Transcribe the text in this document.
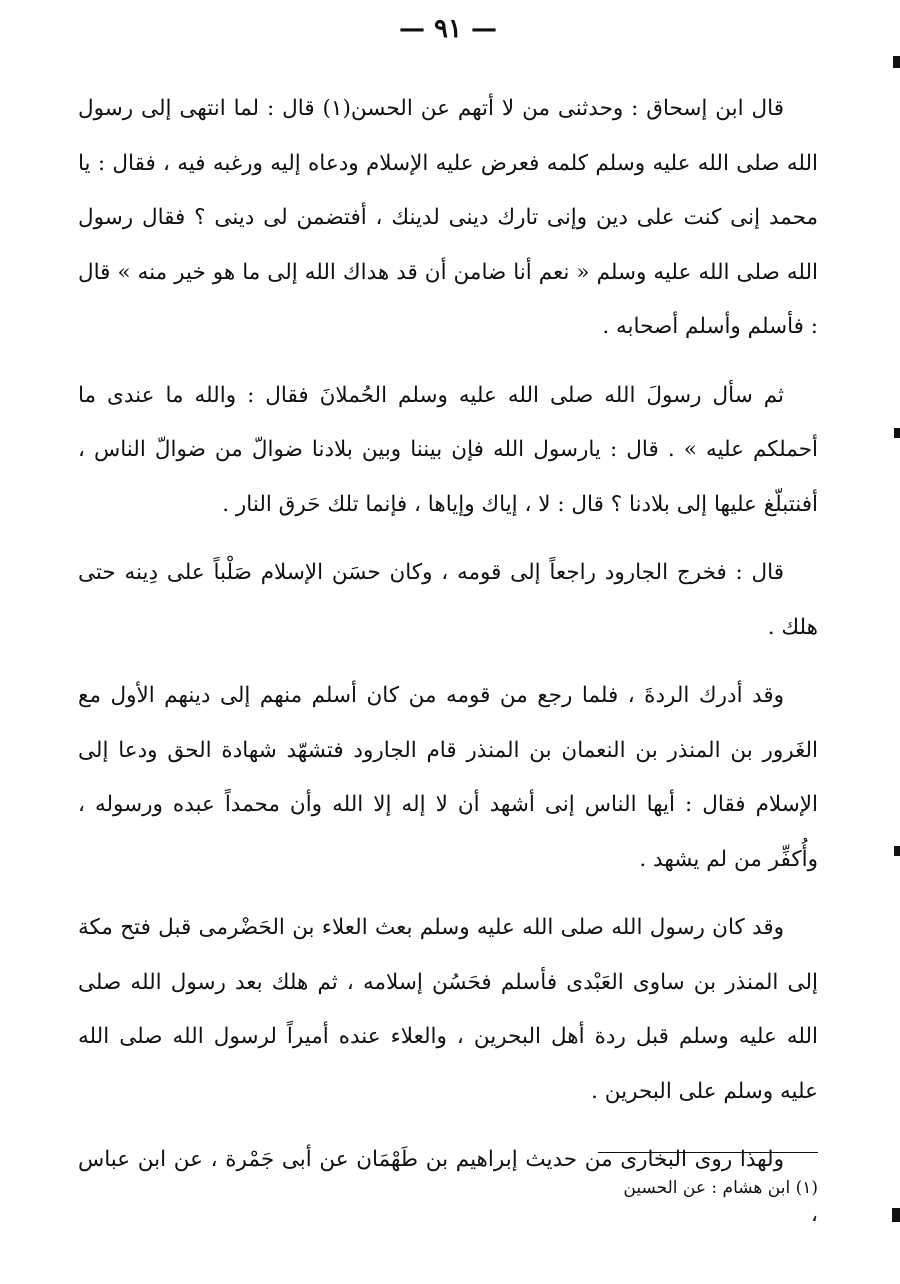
— ٩١ —

قال ابن إسحاق : وحدثنى من لا أتهم عن الحسن(١) قال : لما انتهى إلى رسول الله صلى الله عليه وسلم كلمه فعرض عليه الإسلام ودعاه إليه ورغبه فيه ، فقال : يا محمد إنى كنت على دين وإنى تارك دينى لدينك ، أفتضمن لى دينى ؟ فقال رسول الله صلى الله عليه وسلم « نعم أنا ضامن أن قد هداك الله إلى ما هو خير منه » قال : فأسلم وأسلم أصحابه .

ثم سأل رسولَ الله صلى الله عليه وسلم الحُملانَ فقال : والله ما عندى ما أحملكم عليه » . قال : يارسول الله فإن بيننا وبين بلادنا ضوالّ من ضوالّ الناس ، أفنتبلّغ عليها إلى بلادنا ؟ قال : لا ، إياك وإياها ، فإنما تلك حَرق النار .

قال : فخرج الجارود راجعاً إلى قومه ، وكان حسَن الإسلام صَلْباً على دِينه حتى هلك .

وقد أدرك الردةَ ، فلما رجع من قومه من كان أسلم منهم إلى دينهم الأول مع الغَرور بن المنذر بن النعمان بن المنذر قام الجارود فتشهّد شهادة الحق ودعا إلى الإسلام فقال : أيها الناس إنى أشهد أن لا إله إلا الله وأن محمداً عبده ورسوله ، وأُكفِّر من لم يشهد .

وقد كان رسول الله صلى الله عليه وسلم بعث العلاء بن الحَضْرمى قبل فتح مكة إلى المنذر بن ساوى العَبْدى فأسلم فحَسُن إسلامه ، ثم هلك بعد رسول الله صلى الله عليه وسلم قبل ردة أهل البحرين ، والعلاء عنده أميراً لرسول الله صلى الله عليه وسلم على البحرين .

ولهذا روى البخارى من حديث إبراهيم بن طَهْمَان عن أبى جَمْرة ، عن ابن عباس ،

(١) ابن هشام : عن الحسين
